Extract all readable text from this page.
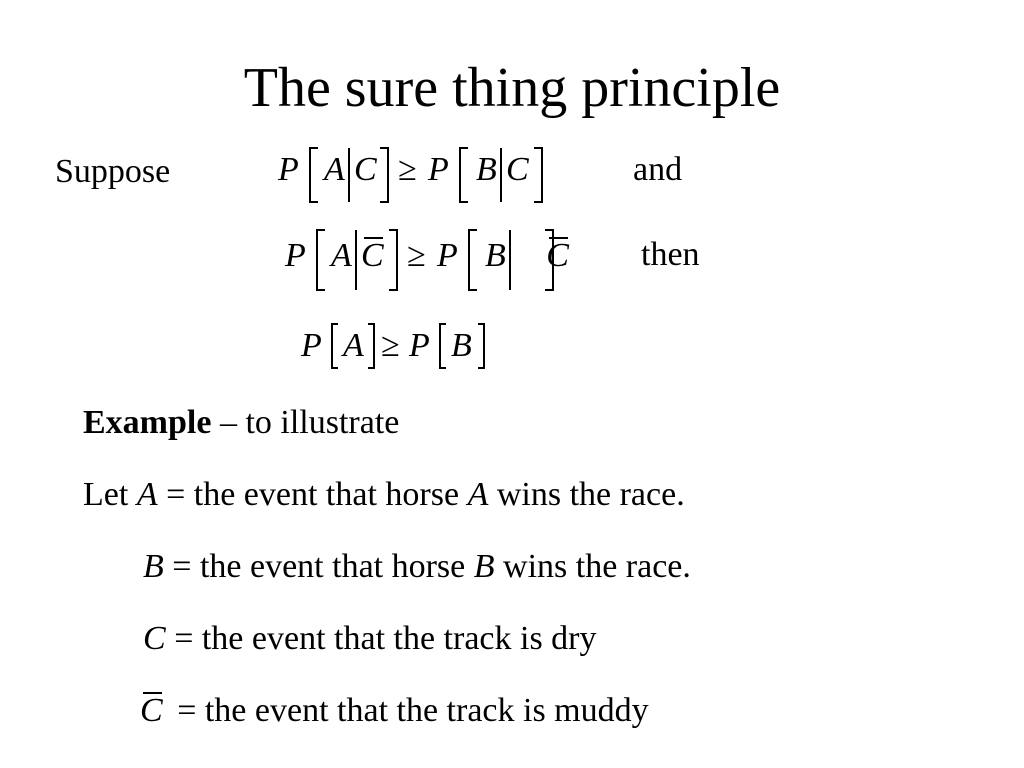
The sure thing principle
Suppose	P A C ≥ P B C	and
P A C ≥ P B C	then
P A ≥ P B
Example – to illustrate
Let A = the event that horse A wins the race.
B = the event that horse B wins the race.
C = the event that the track is dry
C = the event that the track is muddy
